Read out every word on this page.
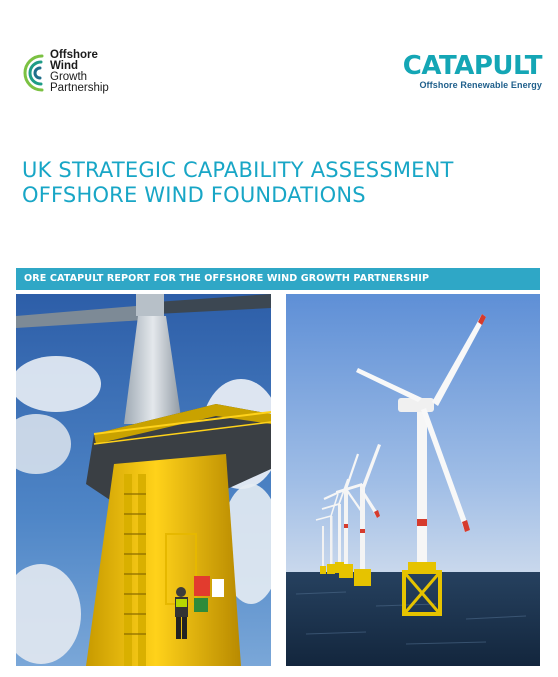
Offshore
Wind
Growth
Partnership
CATAPULT
Offshore Renewable Energy
UK STRATEGIC CAPABILITY ASSESSMENT
OFFSHORE WIND FOUNDATIONS
ORE CATAPULT REPORT FOR THE OFFSHORE WIND GROWTH PARTNERSHIP
